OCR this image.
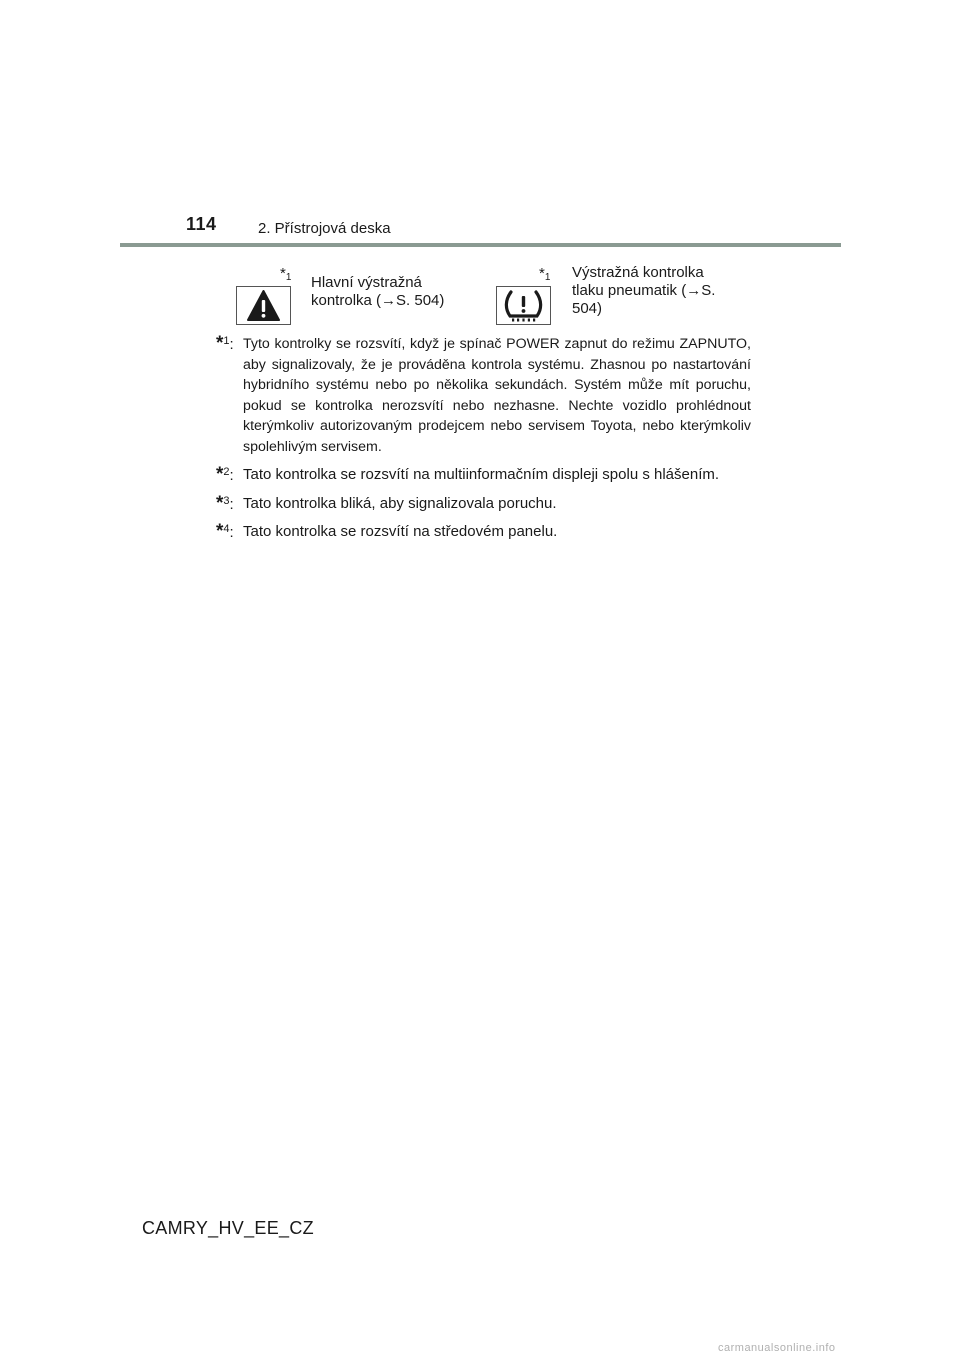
114	2. Přístrojová deska
*$^1$ Hlavní výstražná
kontrolka (→S. 504)
*$^1$ Výstražná kontrolka
tlaku pneumatik (→S.
504)
*$^1$: Tyto kontrolky se rozsvítí, když je spínač POWER zapnut do režimu ZAPNUTO, aby signalizovaly, že je prováděna kontrola systému. Zhasnou po nastartování hybridního systému nebo po několika sekundách. Systém může mít poruchu, pokud se kontrolka nerozsvítí nebo nezhasne. Nechte vozidlo prohlédnout kterýmkoliv autorizovaným prodejcem nebo servisem Toyota, nebo kterýmkoliv spolehlivým servisem.
*$^2$: Tato kontrolka se rozsvítí na multiinformačním displeji spolu s hlášením.
*$^3$: Tato kontrolka bliká, aby signalizovala poruchu.
*$^4$: Tato kontrolka se rozsvítí na středovém panelu.
CAMRY_HV_EE_CZ
carmanualsonline.info
